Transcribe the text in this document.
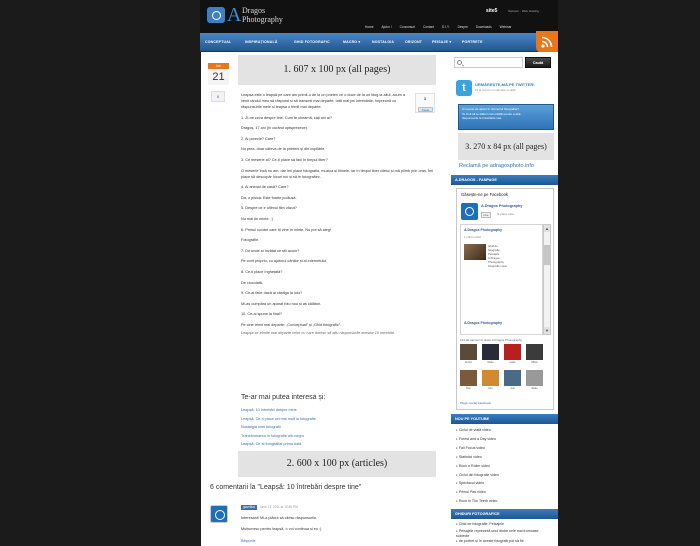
A Dragos
Photography
site5	Sponsor · Web Hosting
Home	Ajutor !	Concursuri	Contact	D.I.Y.	Despre	Downloads	Webinar
CONCEPTUAL	INSPIRAȚIONALĂ	GHID FOTOGRAFIC	MACRO ▾	NOSTALGIA	ORIZONT	PEISAJE ▾	PORTRETE
iun
21
6
1. 607 x 100 px (all pages)
1
Tweet

Leapșa este o leapșă pe care am primit-o de la un prieten ce o duce de la un blog la altul, acum a venit rândul meu să răspund și să transmit mai departe. Iată mai jos întrebările, împreună cu răspunsurile mele și leapșa o trimit mai departe.

1. Zi-ne ceva despre tine. Cum te cheamă, câți ani ai?

Dragoș, 17 ani (în curând optsprezece).

2. Ai porecle? Care?

Nu prea, doar câteva de la prieteni și din copilărie.

3. Ce meserie ai? Ce-ți place să faci în timpul liber?

O meserie încă nu am, dar îmi place fotografia, muzica și filmele, iar în timpul liber citesc și mă plimb prin oraș. Îmi place să descopăr locuri noi și să le fotografiez.

4. Ai animal de casă? Care?

Da, o pisică. Este foarte jucăușă.

5. Despre ce e ultimul film văzut?

Nu mai țin minte. :)

6. Primul cuvânt care îți vine în minte. Nu pot să aleg!

Fotografie.

7. De unde ai învățat ce știi acum?

Pe cont propriu, cu ajutorul cărților și al internetului.

8. Ce-ți place înghețată?

De ciocolată.

9. Ce-ai face dacă ai câștiga la loto?

Mi-aș cumpăra un aparat foto nou și aș călători.

10. Ce-ai spune la final?

Pe cine trimit mai departe: „Conceptual” și „Ghid fotografic”.

Leapșa se trimite mai departe celor cu care doresc să aflu răspunsurile acestor 10 întrebări.

Te-ar mai putea interesa și:
Leapșă: 10 întrebări despre mine
Leapșă: Ce-ți place cel mai mult la fotografie
Nostalgia unei fotografii
Transformarea în fotografie alb-negru
Leapșă: Ce ai fotografiat prima dată
2. 600 x 100 px (articles)
6 comentarii la "Leapșă: 10 întrebări despre tine"
gavrilus	iunie 21, 2011 at 10:46 PM
Interesant! Mi-a plăcut să citesc răspunsurile.
Mulțumesc pentru leapșă, o voi continua și eu :)
Răspunde
Caută
t	URMĂREȘTE-MĂ PE TWITTER!
Fii la curent cu ultimele noutăți
Ai nevoie de ajutor în domeniul fotografiei?
Te invit să te alături comunității pentru a afla
răspunsurile la întrebările tale.
3. 270 x 84 px (all pages)
Reclamă pe adragosphoto.info
A.DRAGOS - FANPAGE
Găsește-ne pe Facebook
A.Dragos Photography
Like	Îți place asta
A.Dragos Photography
1 oră în urmă
Ghid de
fotografie:
Peisajele
A.Dragos
Photography
fotografie nouă
A.Dragos Photography
▲
▼
191 de oameni le place A.Dragos Photography
Andrei	Maria	Ioana	Mihai
Dan	Alex	Ana	Radu
Plugin social Facebook
NOU PE YOUTUBE
▸ Ciclul de viață video
▸ Forest and a Day video
▸ Fall Focus video
▸ Statistici video
▸ Rock n Roller video
▸ Ciclul din fotografie video
▸ Spectacol video
▸ Primul Pas video
▸ Rock In The Teeth video
GHIDURI FOTOGRAFICE
▸ Ghid de fotografie: Peisajele
▸ Peisajele reprezintă unul dintre cele mai frumoase subiecte
▸ de portret și în aceste fotografii pot să fie
